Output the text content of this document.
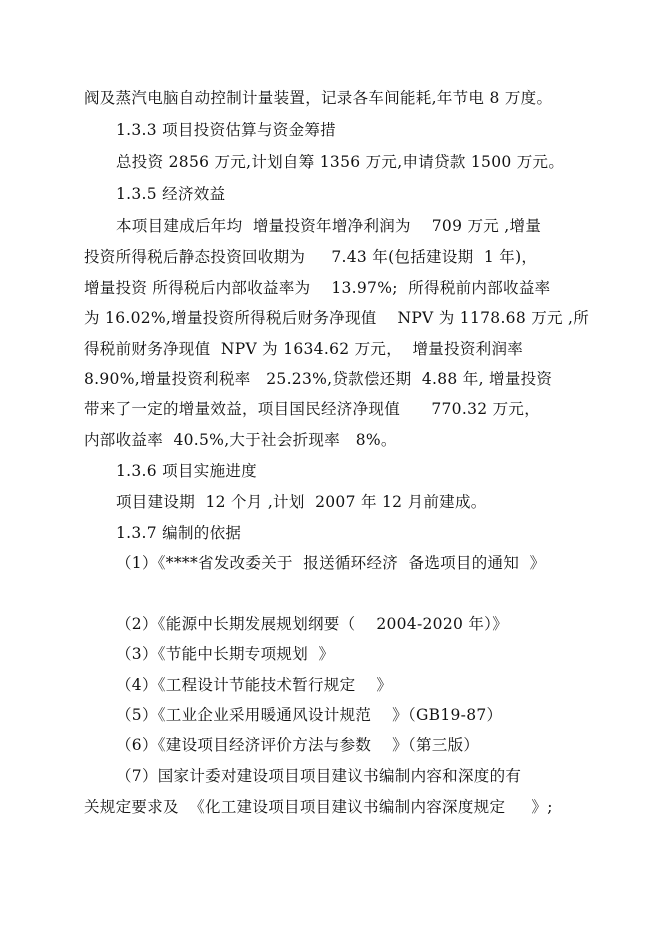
阀及蒸汽电脑自动控制计量装置，记录各车间能耗,年节电 8 万度。
1.3.3 项目投资估算与资金筹措
总投资 2856 万元,计划自筹 1356 万元,申请贷款 1500 万元。
1.3.5 经济效益
本项目建成后年均  增量投资年增净利润为    709 万元 ,增量
投资所得税后静态投资回收期为     7.43 年(包括建设期  1 年)，
增量投资 所得税后内部收益率为    13.97%;  所得税前内部收益率
为 16.02%,增量投资所得税后财务净现值    NPV 为 1178.68 万元 ,所
得税前财务净现值  NPV 为 1634.62 万元，  增量投资利润率
8.90%,增量投资利税率   25.23%,贷款偿还期  4.88 年, 增量投资
带来了一定的增量效益，项目国民经济净现值      770.32 万元，
内部收益率  40.5%,大于社会折现率   8%。
1.3.6 项目实施进度
项目建设期  12 个月 ,计划  2007 年 12 月前建成。
1.3.7 编制的依据
（1）《****省发改委关于  报送循环经济  备选项目的通知  》
（2）《能源中长期发展规划纲要（    2004-2020 年）》
（3）《节能中长期专项规划  》
（4）《工程设计节能技术暂行规定    》
（5）《工业企业采用暖通风设计规范    》（GB19-87）
（6）《建设项目经济评价方法与参数    》（第三版）
（7）国家计委对建设项目项目建议书编制内容和深度的有
关规定要求及  《化工建设项目项目建议书编制内容深度规定     》;
